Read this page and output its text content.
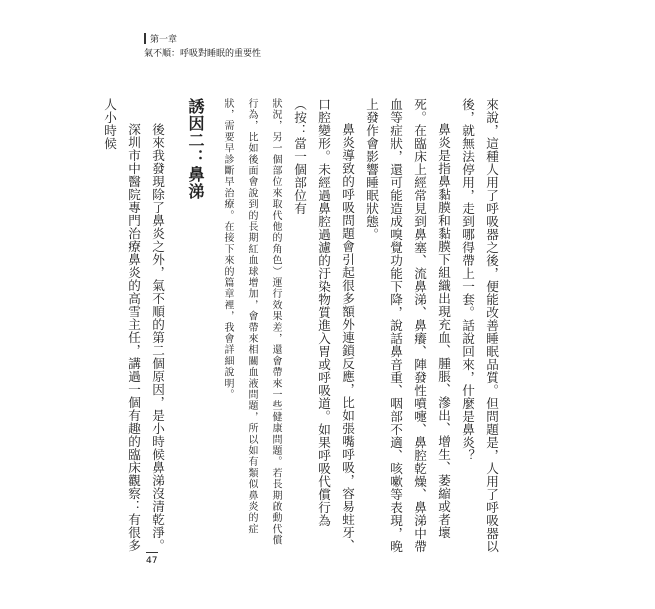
第一章
氣不順：呼吸對睡眠的重要性

來說，這種人用了呼吸器之後，便能改善睡眠品質。但問題是，人用了呼吸器以後，就無法停用，走到哪得帶上一套。話說回來，什麼是鼻炎？

鼻炎是指鼻黏膜和黏膜下組織出現充血、腫脹、滲出、增生、萎縮或者壞死。在臨床上經常見到鼻塞、流鼻涕、鼻癢、陣發性噴嚏、鼻腔乾燥、鼻涕中帶血等症狀，還可能造成嗅覺功能下降，說話鼻音重、咽部不適、咳嗽等表現，晚上發作會影響睡眠狀態。

鼻炎導致的呼吸問題會引起很多額外連鎖反應，比如張嘴呼吸，容易蛀牙、口腔變形。未經過鼻腔過濾的汙染物質進入胃或呼吸道。如果呼吸代償行為（按：當一個部位有

狀況，另一個部位來取代他的角色）運行效果差，還會帶來一些健康問題。若長期啟動代償行為，比如後面會說到的長期紅血球增加，會帶來相關血液問題，所以如有類似鼻炎的症狀，需要早診斷早治療。在接下來的篇章裡，我會詳細說明。

誘因二：鼻涕

後來我發現除了鼻炎之外，氣不順的第二個原因，是小時候鼻涕沒清乾淨。

深圳市中醫院專門治療鼻炎的高雪主任，講過一個有趣的臨床觀察：有很多人小時候

47
